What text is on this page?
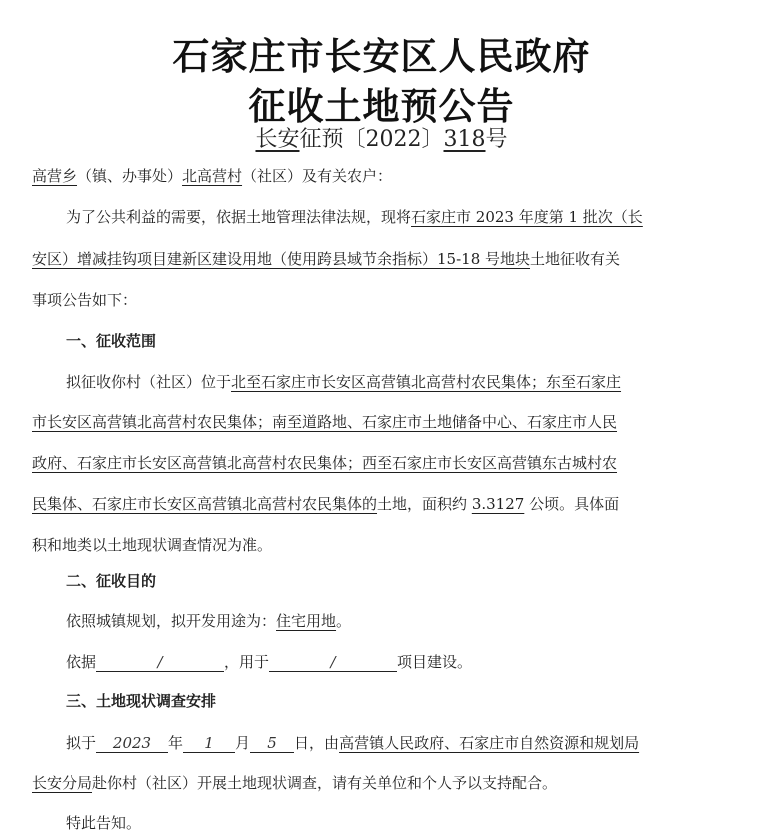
石家庄市长安区人民政府
征收土地预公告
长安征预〔2022〕318号
高营乡（镇、办事处）北高营村（社区）及有关农户：
为了公共利益的需要，依据土地管理法律法规，现将石家庄市 2023 年度第 1 批次（长
安区）增减挂钩项目建新区建设用地（使用跨县域节余指标）15-18 号地块土地征收有关
事项公告如下：
一、征收范围
拟征收你村（社区）位于北至石家庄市长安区高营镇北高营村农民集体；东至石家庄
市长安区高营镇北高营村农民集体；南至道路地、石家庄市土地储备中心、石家庄市人民
政府、石家庄市长安区高营镇北高营村农民集体；西至石家庄市长安区高营镇东古城村农
民集体、石家庄市长安区高营镇北高营村农民集体的土地，面积约 3.3127 公顷。具体面
积和地类以土地现状调查情况为准。
二、征收目的
依照城镇规划，拟开发用途为：住宅用地。
依据	/	，用于	/	项目建设。
三、土地现状调查安排
拟于 2023 年 1 月 5 日，由高营镇人民政府、石家庄市自然资源和规划局
长安分局赴你村（社区）开展土地现状调查，请有关单位和个人予以支持配合。
特此告知。
